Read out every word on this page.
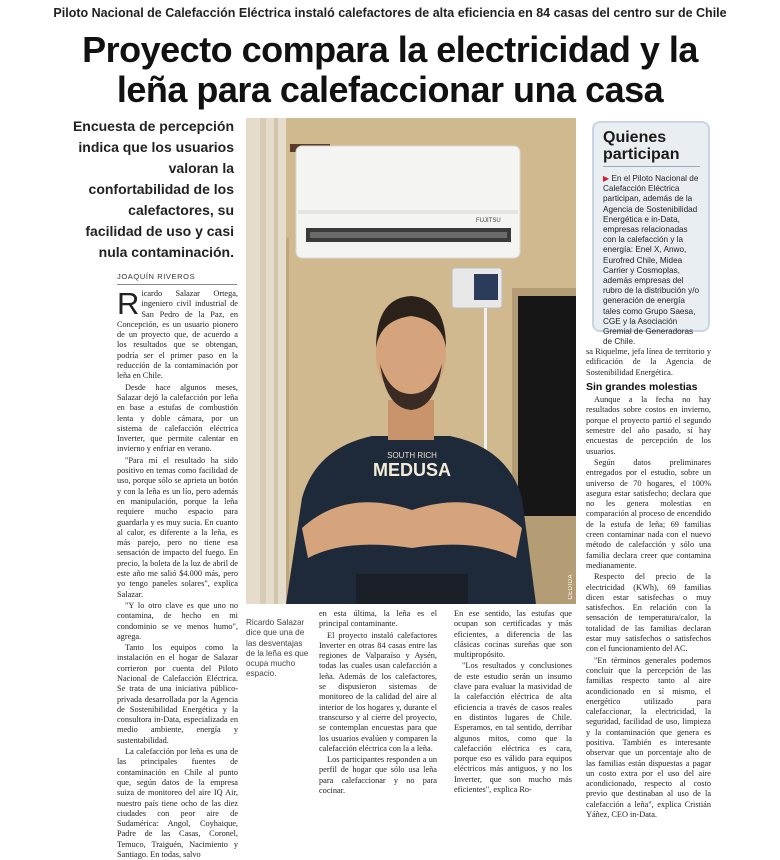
Piloto Nacional de Calefacción Eléctrica instaló calefactores de alta eficiencia en 84 casas del centro sur de Chile
Proyecto compara la electricidad y la
leña para calefaccionar una casa

Encuesta de percepción indica que los usuarios valoran la confortabilidad de los calefactores, su facilidad de uso y casi nula contaminación.

JOAQUÍN RIVEROS

Ricardo Salazar Ortega, ingeniero civil industrial de San Pedro de la Paz, en Concepción, es un usuario pionero de un proyecto que, de acuerdo a los resultados que se obtengan, podría ser el primer paso en la reducción de la contaminación por leña en Chile.

Desde hace algunos meses, Salazar dejó la calefacción por leña en base a estufas de combustión lenta y doble cámara, por un sistema de calefacción eléctrica Inverter, que permite calentar en invierno y enfriar en verano.

"Para mí el resultado ha sido positivo en temas como facilidad de uso, porque sólo se aprieta un botón y con la leña es un lío, pero además en manipulación, porque la leña requiere mucho espacio para guardarla y es muy sucia. En cuanto al calor, es diferente a la leña, es más parejo, pero no tiene esa sensación de impacto del fuego. En precio, la boleta de la luz de abril de este año me salió $4.000 más, pero yo tengo paneles solares", explica Salazar.

"Y lo otro clave es que uno no contamina, de hecho en mi condominio se ve menos humo", agrega.

Tanto los equipos como la instalación en el hogar de Salazar corrieron por cuenta del Piloto Nacional de Calefacción Eléctrica. Se trata de una iniciativa público-privada desarrollada por la Agencia de Sostenibilidad Energética y la consultora in-Data, especializada en medio ambiente, energía y sustentabilidad.

La calefacción por leña es una de las principales fuentes de contaminación en Chile al punto que, según datos de la empresa suiza de monitoreo del aire IQ Air, nuestro país tiene ocho de las diez ciudades con peor aire de Sudamérica: Angol, Coyhaique, Padre de las Casas, Coronel, Temuco, Traiguén, Nacimiento y Santiago. En todas, salvo

FUJITSU
SOUTH RICH
MEDUSA
CEDIDA
Ricardo Salazar dice que una de las desventajas de la leña es que ocupa mucho espacio.

en esta última, la leña es el principal contaminante.

El proyecto instaló calefactores Inverter en otras 84 casas entre las regiones de Valparaíso y Aysén, todas las cuales usan calefacción a leña. Además de los calefactores, se dispusieron sistemas de monitoreo de la calidad del aire al interior de los hogares y, durante el transcurso y al cierre del proyecto, se contemplan encuestas para que los usuarios evalúen y comparen la calefacción eléctrica con la a leña.

Los participantes responden a un perfil de hogar que sólo usa leña para calefaccionar y no para cocinar.

En ese sentido, las estufas que ocupan son certificadas y más eficientes, a diferencia de las clásicas cocinas sureñas que son multipropósito.

"Los resultados y conclusiones de este estudio serán un insumo clave para evaluar la masividad de la calefacción eléctrica de alta eficiencia a través de casos reales en distintos lugares de Chile. Esperamos, en tal sentido, derribar algunos mitos, como que la calefacción eléctrica es cara, porque eso es válido para equipos eléctricos más antiguos, y no los Inverter, que son mucho más eficientes", explica Ro-

Quienes
participan

▶ En el Piloto Nacional de Calefacción Eléctrica participan, además de la Agencia de Sostenibilidad Energética e in-Data, empresas relacionadas con la calefacción y la energía: Enel X, Anwo, Eurofred Chile, Midea Carrier y Cosmoplas, además empresas del rubro de la distribución y/o generación de energía tales como Grupo Saesa, CGE y la Asociación Gremial de Generadoras de Chile.

sa Riquelme, jefa línea de territorio y edificación de la Agencia de Sostenibilidad Energética.

Sin grandes molestias

Aunque a la fecha no hay resultados sobre costos en invierno, porque el proyecto partió el segundo semestre del año pasado, sí hay encuestas de percepción de los usuarios.

Según datos preliminares entregados por el estudio, sobre un universo de 70 hogares, el 100% asegura estar satisfecho; declara que no les genera molestias en comparación al proceso de encendido de la estufa de leña; 69 familias creen contaminar nada con el nuevo método de calefacción y sólo una familia declara creer que contamina medianamente.

Respecto del precio de la electricidad (KWh), 69 familias dicen estar satisfechas o muy satisfechos. En relación con la sensación de temperatura/calor, la totalidad de las familias declaran estar muy satisfechos o satisfechos con el funcionamiento del AC.

"En términos generales podemos concluir que la percepción de las familias respecto tanto al aire acondicionado en sí mismo, el energético utilizado para calefaccionar, la electricidad, la seguridad, facilidad de uso, limpieza y la contaminación que genera es positiva. También es interesante observar que un porcentaje alto de las familias están dispuestas a pagar un costo extra por el uso del aire acondicionado, respecto al costo previo que destinaban al uso de la calefacción a leña", explica Cristián Yáñez, CEO in-Data.
